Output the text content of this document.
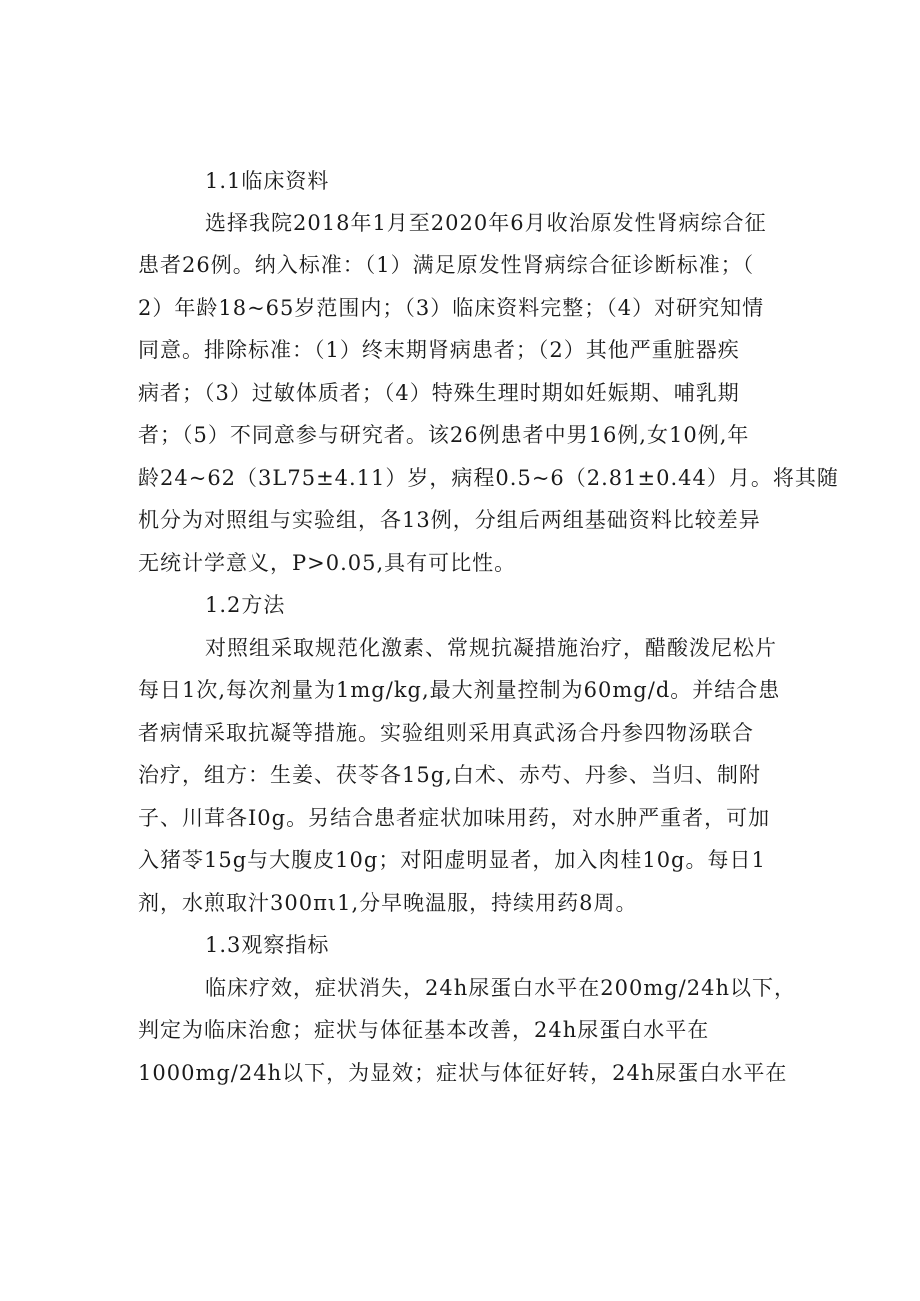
1.1临床资料
选择我院2018年1月至2020年6月收治原发性肾病综合征
患者26例。纳入标准：（1）满足原发性肾病综合征诊断标准；（
2）年龄18~65岁范围内；（3）临床资料完整；（4）对研究知情
同意。排除标准：（1）终末期肾病患者；（2）其他严重脏器疾
病者；（3）过敏体质者；（4）特殊生理时期如妊娠期、哺乳期
者；（5）不同意参与研究者。该26例患者中男16例,女10例,年
龄24~62（3L75±4.11）岁，病程0.5~6（2.81±0.44）月。将其随
机分为对照组与实验组，各13例，分组后两组基础资料比较差异
无统计学意义，P>0.05,具有可比性。
1.2方法
对照组采取规范化激素、常规抗凝措施治疗，醋酸泼尼松片
每日1次,每次剂量为1mg/kg,最大剂量控制为60mg/d。并结合患
者病情采取抗凝等措施。实验组则采用真武汤合丹参四物汤联合
治疗，组方：生姜、茯苓各15g,白术、赤芍、丹参、当归、制附
子、川茸各I0g。另结合患者症状加味用药，对水肿严重者，可加
入猪苓15g与大腹皮10g；对阳虚明显者，加入肉桂10g。每日1
剂，水煎取汁300πι1,分早晚温服，持续用药8周。
1.3观察指标
临床疗效，症状消失，24h尿蛋白水平在200mg/24h以下，
判定为临床治愈；症状与体征基本改善，24h尿蛋白水平在
1000mg/24h以下，为显效；症状与体征好转，24h尿蛋白水平在
